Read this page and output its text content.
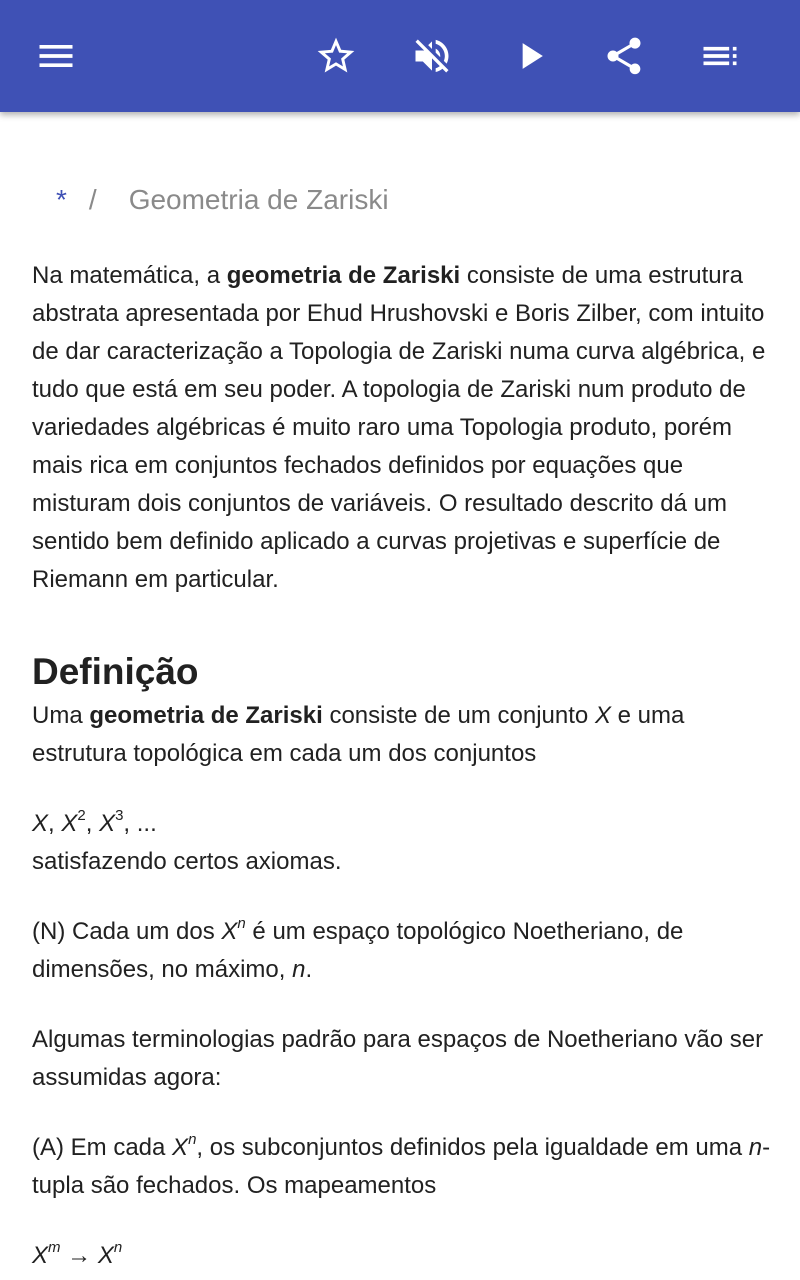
* / Geometria de Zariski

Na matemática, a geometria de Zariski consiste de uma estrutura abstrata apresentada por Ehud Hrushovski e Boris Zilber, com intuito de dar caracterização a Topologia de Zariski numa curva algébrica, e tudo que está em seu poder. A topologia de Zariski num produto de variedades algébricas é muito raro uma Topologia produto, porém mais rica em conjuntos fechados definidos por equações que misturam dois conjuntos de variáveis. O resultado descrito dá um sentido bem definido aplicado a curvas projetivas e superfície de Riemann em particular.

Definição

Uma geometria de Zariski consiste de um conjunto X e uma estrutura topológica em cada um dos conjuntos

X, $X^2$, $X^3$, ...

satisfazendo certos axiomas.

(N) Cada um dos $X^n$ é um espaço topológico Noetheriano, de dimensões, no máximo, n.

Algumas terminologias padrão para espaços de Noetheriano vão ser assumidas agora:

(A) Em cada $X^n$, os subconjuntos definidos pela igualdade em uma n- tupla são fechados. Os mapeamentos

$X^m \to X^n$
